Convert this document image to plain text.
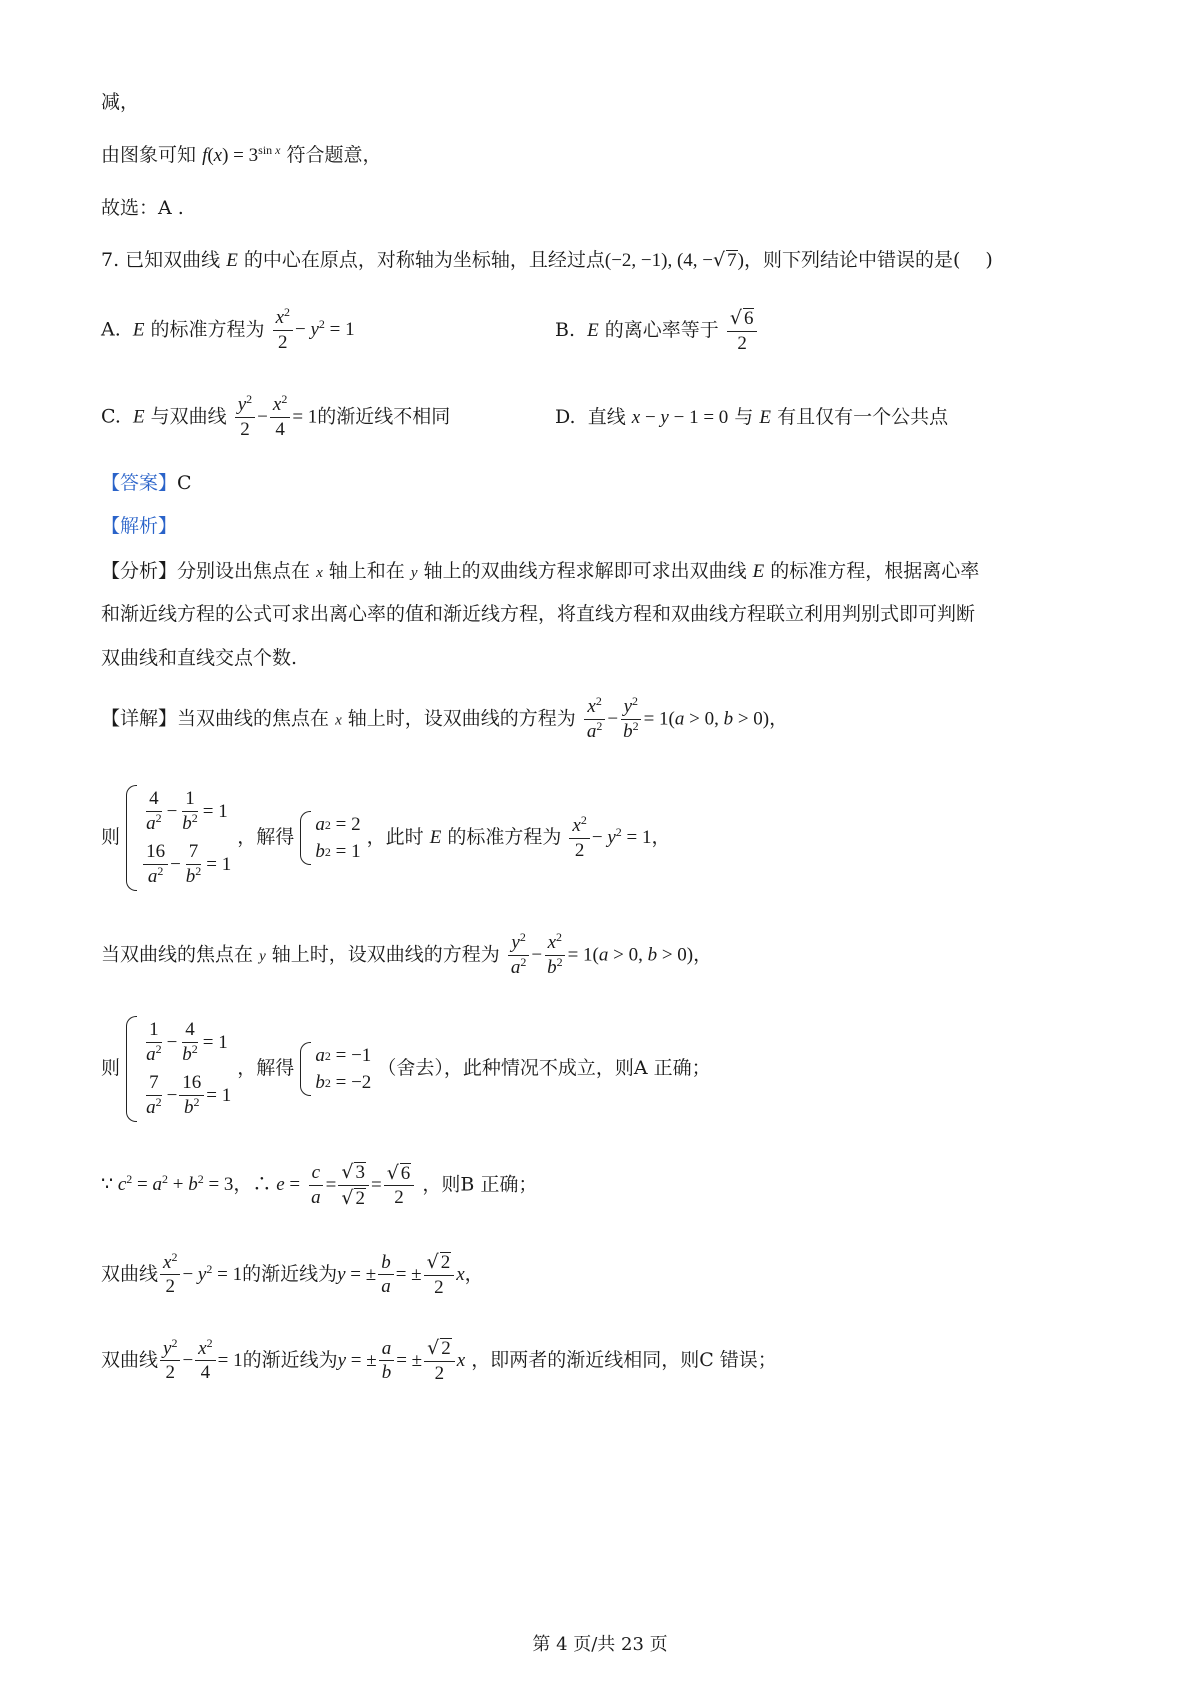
减，
由图象可知 $f(x) = 3^{sin x}$ 符合题意，
故选：A .
7. 已知双曲线 E 的中心在原点，对称轴为坐标轴，且经过点(−2, −1), (4, −√ 7)，则下列结论中错误的是(　 )
A. E 的标准方程为 $\frac{x^2}{2} - y^2 = 1$	B. E 的离心率等于 $\frac{√ 6}{2}$
C. E 与双曲线 $\frac{y^2}{2} - \frac{x^2}{4} = 1$的渐近线不相同	D. 直线 x − y − 1 = 0 与 E 有且仅有一个公共点
【答案】C
【解析】
【分析】分别设出焦点在 x 轴上和在 y 轴上的双曲线方程求解即可求出双曲线 E 的标准方程，根据离心率
和渐近线方程的公式可求出离心率的值和渐近线方程，将直线方程和双曲线方程联立利用判别式即可判断
双曲线和直线交点个数.
【详解】当双曲线的焦点在 x 轴上时，设双曲线的方程为 $\frac{x^2}{a^2} - \frac{y^2}{b^2} = 1(a > 0$, b > 0)，
则
4
$a^2 - \frac{1}{b^2} = 1$
16
$a^2 - \frac{7}{b^2} = 1$
，解得
a 2 = 2
b 2 = 1
，此时 E 的标准方程为 $\frac{x^2}{2} - y^2 = 1$，
当双曲线的焦点在 y 轴上时，设双曲线的方程为 $\frac{y^2}{a^2} - \frac{x^2}{b^2} = 1(a > 0$, b > 0)，
则
1
$a^2 - \frac{4}{b^2} = 1$
7
$a^2 - \frac{16}{b^2} = 1$
，解得
a 2 = −1
b 2 = −2
（舍去），此种情况不成立，则A 正确；
∵ $c^2 = a^2 + b^2 = 3$，∴ $e = \frac{c}{a} = \frac{√ 3}{√ 2} = \frac{√ 6}{2}$ ，则B 正确；
双曲线 $\frac{x^2}{2} - y^2 = 1$的渐近线为y = ± $\frac{b}{a}$ = ± $\frac{√ 2}{2}$ x，
双曲线 $\frac{y^2}{2} - \frac{x^2}{4} = 1$的渐近线为y = ± $\frac{a}{b}$ = ± $\frac{√ 2}{2}$ x ，即两者的渐近线相同，则C 错误；
第 4 页/共 23 页
